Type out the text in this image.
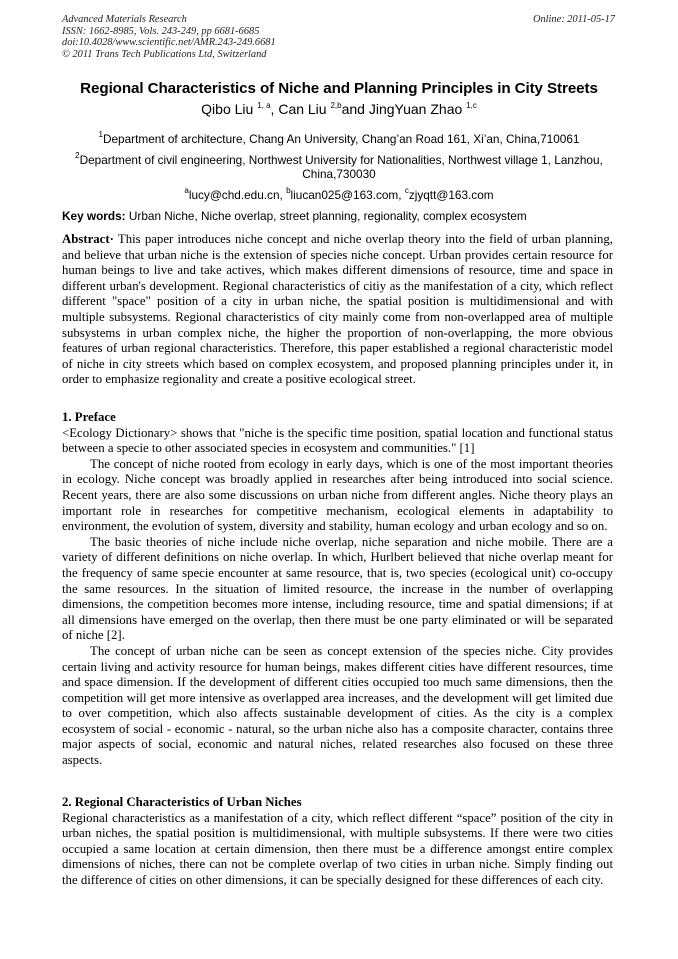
Advanced Materials Research
ISSN: 1662-8985, Vols. 243-249, pp 6681-6685
doi:10.4028/www.scientific.net/AMR.243-249.6681
© 2011 Trans Tech Publications Ltd, Switzerland
Online: 2011-05-17
Regional Characteristics of Niche and Planning Principles in City Streets
Qibo Liu $^{1, a}$, Can Liu $^{2,b}$and JingYuan Zhao $^{1,c}$
$^1$Department of architecture, Chang An University, Chang’an Road 161, Xi’an, China,710061
$^2$Department of civil engineering, Northwest University for Nationalities, Northwest village 1, Lanzhou, China,730030
$^a$lucy@chd.edu.cn, $^b$liucan025@163.com, $^c$zjyqtt@163.com
Key words: Urban Niche, Niche overlap, street planning, regionality, complex ecosystem

Abstract· This paper introduces niche concept and niche overlap theory into the field of urban planning, and believe that urban niche is the extension of species niche concept. Urban provides certain resource for human beings to live and take actives, which makes different dimensions of resource, time and space in different urban's development. Regional characteristics of citiy as the manifestation of a city, which reflect different "space" position of a city in urban niche, the spatial position is multidimensional and with multiple subsystems. Regional characteristics of city mainly come from non-overlapped area of multiple subsystems in urban complex niche, the higher the proportion of non-overlapping, the more obvious features of urban regional characteristics. Therefore, this paper established a regional characteristic model of niche in city streets which based on complex ecosystem, and proposed planning principles under it, in order to emphasize regionality and create a positive ecological street.

1. Preface

<Ecology Dictionary> shows that "niche is the specific time position, spatial location and functional status between a specie to other associated species in ecosystem and communities." [1]

The concept of niche rooted from ecology in early days, which is one of the most important theories in ecology. Niche concept was broadly applied in researches after being introduced into social science. Recent years, there are also some discussions on urban niche from different angles. Niche theory plays an important role in researches for competitive mechanism, ecological elements in adaptability to environment, the evolution of system, diversity and stability, human ecology and urban ecology and so on.

The basic theories of niche include niche overlap, niche separation and niche mobile. There are a variety of different definitions on niche overlap. In which, Hurlbert believed that niche overlap meant for the frequency of same specie encounter at same resource, that is, two species (ecological unit) co-occupy the same resources. In the situation of limited resource, the increase in the number of overlapping dimensions, the competition becomes more intense, including resource, time and spatial dimensions; if at all dimensions have emerged on the overlap, then there must be one party eliminated or will be separated of niche [2].

The concept of urban niche can be seen as concept extension of the species niche. City provides certain living and activity resource for human beings, makes different cities have different resources, time and space dimension. If the development of different cities occupied too much same dimensions, then the competition will get more intensive as overlapped area increases, and the development will get limited due to over competition, which also affects sustainable development of cities. As the city is a complex ecosystem of social - economic - natural, so the urban niche also has a composite character, contains three major aspects of social, economic and natural niches, related researches also focused on these three aspects.

2. Regional Characteristics of Urban Niches

Regional characteristics as a manifestation of a city, which reflect different “space” position of the city in urban niches, the spatial position is multidimensional, with multiple subsystems. If there were two cities occupied a same location at certain dimension, then there must be a difference amongst entire complex dimensions of niches, there can not be complete overlap of two cities in urban niche. Simply finding out the difference of cities on other dimensions, it can be specially designed for these differences of each city.
